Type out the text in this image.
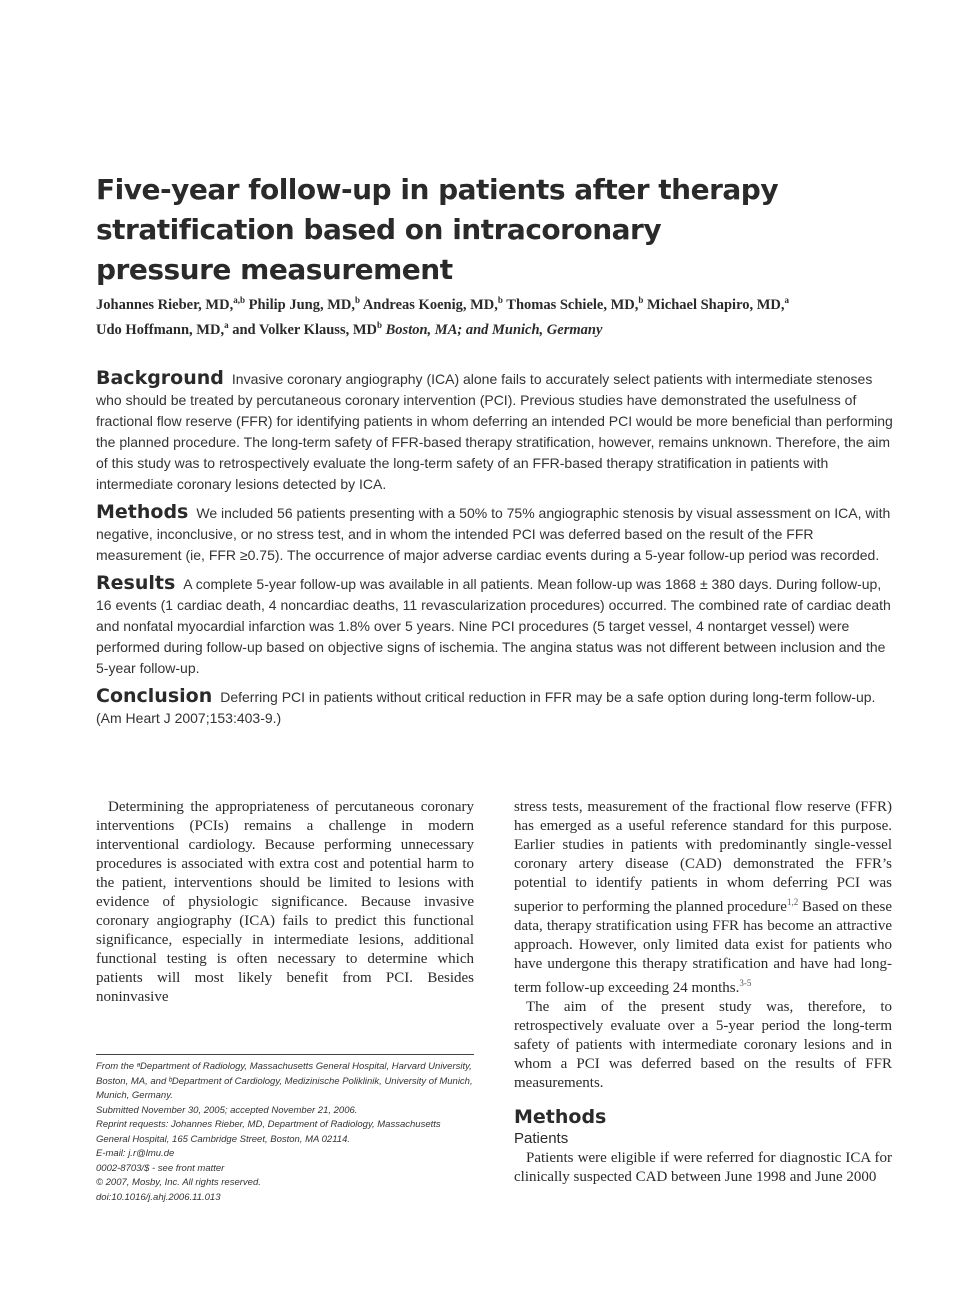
Five-year follow-up in patients after therapy
stratification based on intracoronary
pressure measurement
Johannes Rieber, MD,$^{a,b}$ Philip Jung, MD,$^b$ Andreas Koenig, MD,$^b$ Thomas Schiele, MD,$^b$ Michael Shapiro, MD,$^a$
Udo Hoffmann, MD,$^a$ and Volker Klauss, $MD^b$ Boston, MA; and Munich, Germany

Background Invasive coronary angiography (ICA) alone fails to accurately select patients with intermediate stenoses who should be treated by percutaneous coronary intervention (PCI). Previous studies have demonstrated the usefulness of fractional flow reserve (FFR) for identifying patients in whom deferring an intended PCI would be more beneficial than performing the planned procedure. The long-term safety of FFR-based therapy stratification, however, remains unknown. Therefore, the aim of this study was to retrospectively evaluate the long-term safety of an FFR-based therapy stratification in patients with intermediate coronary lesions detected by ICA.

Methods We included 56 patients presenting with a 50% to 75% angiographic stenosis by visual assessment on ICA, with negative, inconclusive, or no stress test, and in whom the intended PCI was deferred based on the result of the FFR measurement (ie, FFR ≥0.75). The occurrence of major adverse cardiac events during a 5-year follow-up period was recorded.

Results A complete 5-year follow-up was available in all patients. Mean follow-up was 1868 ± 380 days. During follow-up, 16 events (1 cardiac death, 4 noncardiac deaths, 11 revascularization procedures) occurred. The combined rate of cardiac death and nonfatal myocardial infarction was 1.8% over 5 years. Nine PCI procedures (5 target vessel, 4 nontarget vessel) were performed during follow-up based on objective signs of ischemia. The angina status was not different between inclusion and the 5-year follow-up.

Conclusion Deferring PCI in patients without critical reduction in FFR may be a safe option during long-term follow-up. (Am Heart J 2007;153:403-9.)

Determining the appropriateness of percutaneous coronary interventions (PCIs) remains a challenge in modern interventional cardiology. Because performing unnecessary procedures is associated with extra cost and potential harm to the patient, interventions should be limited to lesions with evidence of physiologic significance. Because invasive coronary angiography (ICA) fails to predict this functional significance, especially in intermediate lesions, additional functional testing is often necessary to determine which patients will most likely benefit from PCI. Besides noninvasive

From the ᵃDepartment of Radiology, Massachusetts General Hospital, Harvard University, Boston, MA, and ᵇDepartment of Cardiology, Medizinische Poliklinik, University of Munich, Munich, Germany.
Submitted November 30, 2005; accepted November 21, 2006.
Reprint requests: Johannes Rieber, MD, Department of Radiology, Massachusetts General Hospital, 165 Cambridge Street, Boston, MA 02114.
E-mail: j.r@lmu.de
0002-8703/$ - see front matter
© 2007, Mosby, Inc. All rights reserved.
doi:10.1016/j.ahj.2006.11.013

stress tests, measurement of the fractional flow reserve (FFR) has emerged as a useful reference standard for this purpose. Earlier studies in patients with predominantly single-vessel coronary artery disease (CAD) demonstrated the FFR’s potential to identify patients in whom deferring PCI was superior to performing the planned procedure$^{1,2}$ Based on these data, therapy stratification using FFR has become an attractive approach. However, only limited data exist for patients who have undergone this therapy stratification and have had long-term follow-up exceeding 24 months.$^{3-5}$

The aim of the present study was, therefore, to retrospectively evaluate over a 5-year period the long-term safety of patients with intermediate coronary lesions and in whom a PCI was deferred based on the results of FFR measurements.

Methods
Patients

Patients were eligible if were referred for diagnostic ICA for clinically suspected CAD between June 1998 and June 2000
